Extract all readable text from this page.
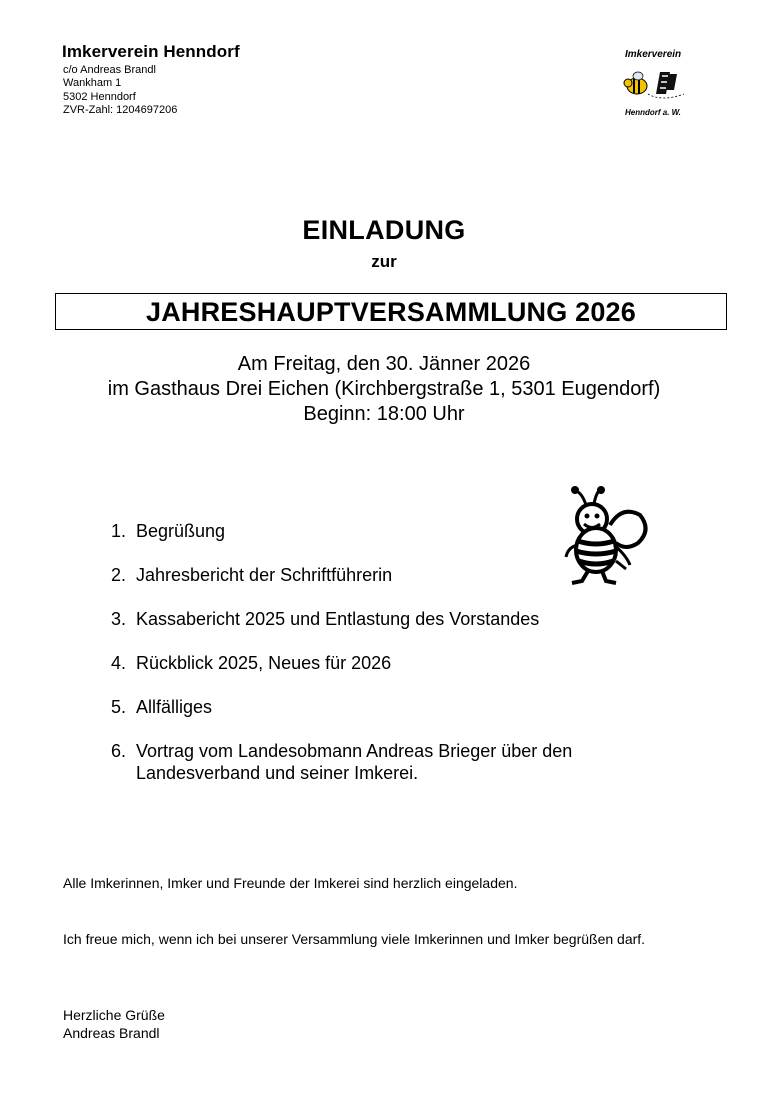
Imkerverein Henndorf
c/o Andreas Brandl
Wankham 1
5302 Henndorf
ZVR-Zahl: 1204697206
Imkerverein
Henndorf a. W.
EINLADUNG
zur
JAHRESHAUPTVERSAMMLUNG 2026
Am Freitag, den 30. Jänner 2026
im Gasthaus Drei Eichen (Kirchbergstraße 1, 5301 Eugendorf)
Beginn: 18:00 Uhr
1. Begrüßung
2. Jahresbericht der Schriftführerin
3. Kassabericht 2025 und Entlastung des Vorstandes
4. Rückblick 2025, Neues für 2026
5. Allfälliges
6. Vortrag vom Landesobmann Andreas Brieger über den Landesverband und seiner Imkerei.
Alle Imkerinnen, Imker und Freunde der Imkerei sind herzlich eingeladen.
Ich freue mich, wenn ich bei unserer Versammlung viele Imkerinnen und Imker begrüßen darf.
Herzliche Grüße
Andreas Brandl
